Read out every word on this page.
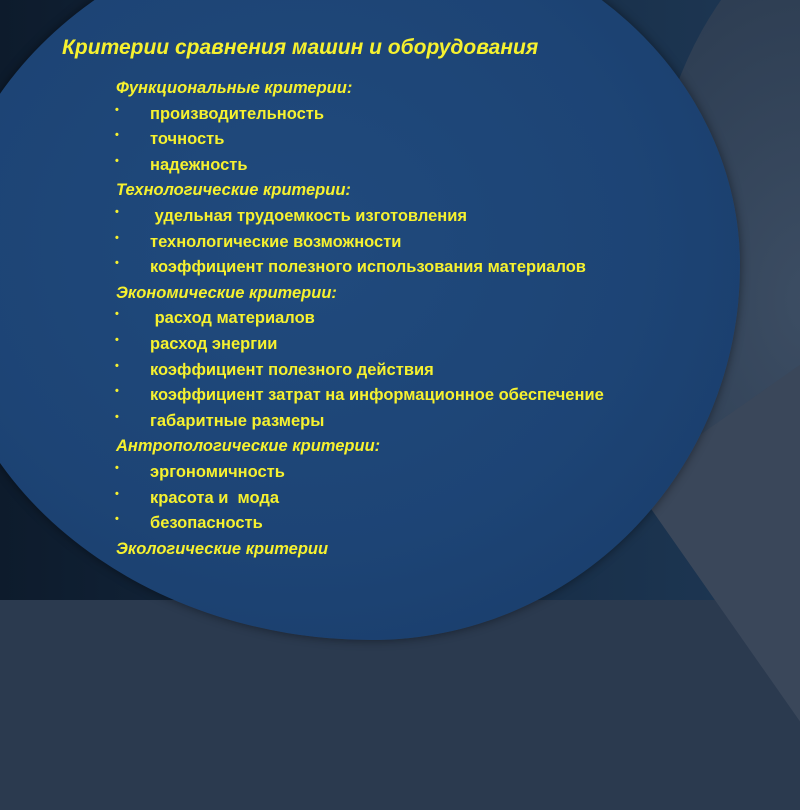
Критерии сравнения машин и оборудования
Функциональные критерии:
• производительность
• точность
• надежность
Технологические критерии:
• удельная трудоемкость изготовления
• технологические возможности
• коэффициент полезного использования материалов
Экономические критерии:
• расход материалов
• расход энергии
• коэффициент полезного действия
• коэффициент затрат на информационное обеспечение
• габаритные размеры
Антропологические критерии:
• эргономичность
• красота и  мода
• безопасность
Экологические критерии
